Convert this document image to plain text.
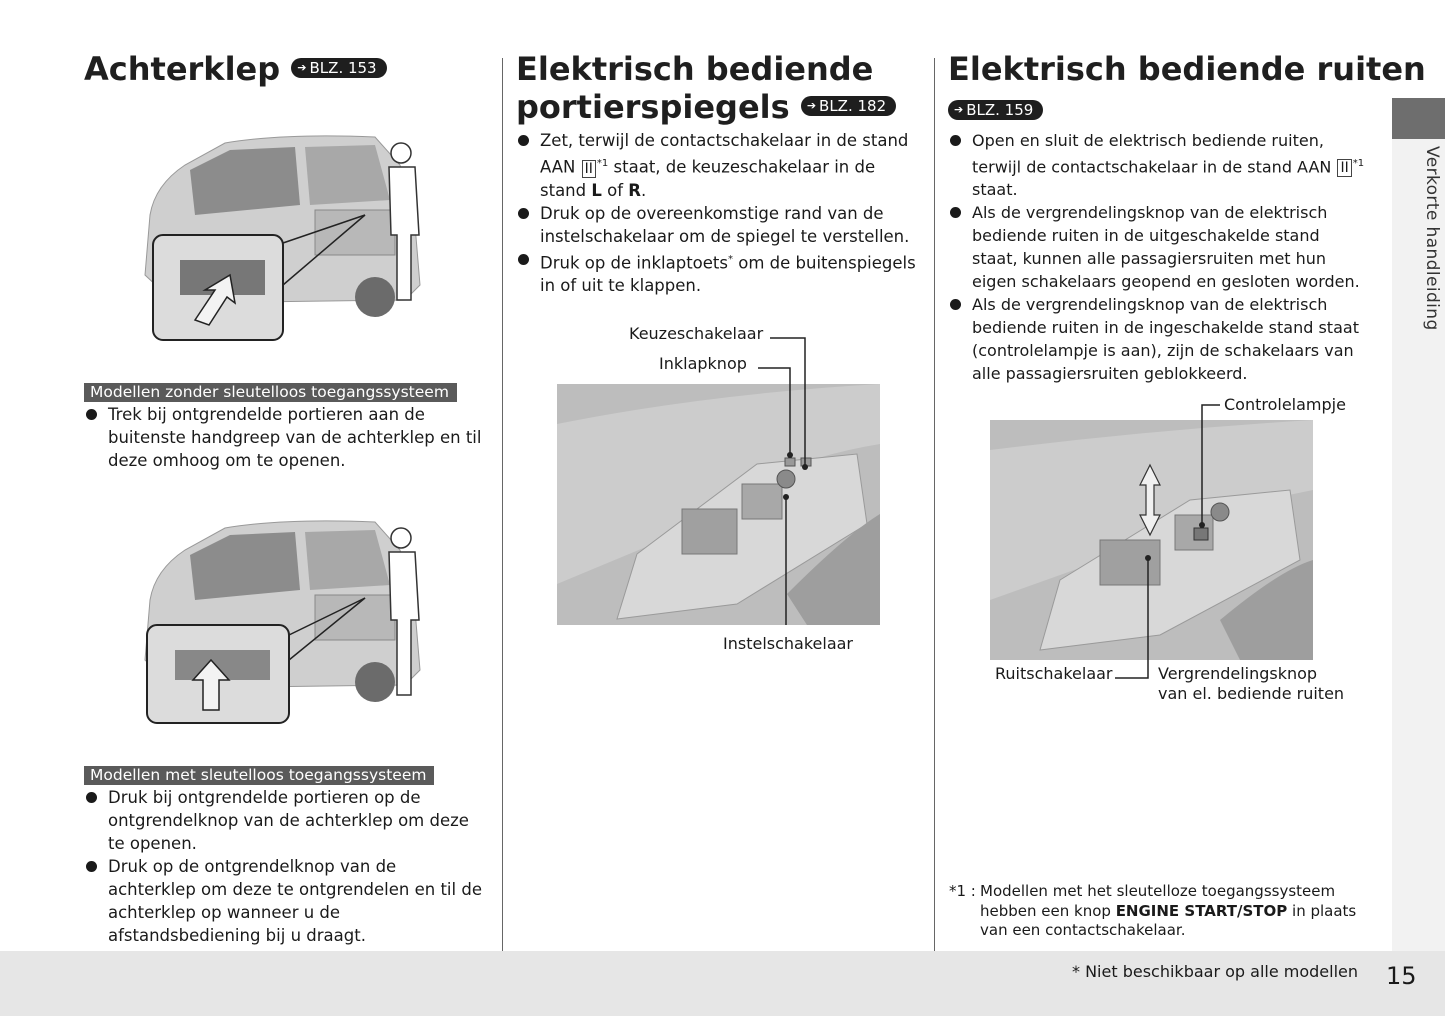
Verkorte handleiding
Achterklep ➔ BLZ. 153
Modellen zonder sleutelloos toegangssysteem
Trek bij ontgrendelde portieren aan de buitenste handgreep van de achterklep en til deze omhoog om te openen.
Modellen met sleutelloos toegangssysteem
Druk bij ontgrendelde portieren op de ontgrendelknop van de achterklep om deze te openen.
Druk op de ontgrendelknop van de achterklep om deze te ontgrendelen en til de achterklep op wanneer u de afstandsbediening bij u draagt.
Elektrisch bediende
portierspiegels ➔ BLZ. 182
Zet, terwijl de contactschakelaar in de stand AAN II $^{*1}$ staat, de keuzeschakelaar in de stand L of R.
Druk op de overeenkomstige rand van de instelschakelaar om de spiegel te verstellen.
Druk op de inklaptoets* om de buitenspiegels in of uit te klappen.
Keuzeschakelaar
Inklapknop
Instelschakelaar
Elektrisch bediende ruiten
➔ BLZ. 159
Open en sluit de elektrisch bediende ruiten, terwijl de contactschakelaar in de stand AAN II $^{*1}$ staat.
Als de vergrendelingsknop van de elektrisch bediende ruiten in de uitgeschakelde stand staat, kunnen alle passagiersruiten met hun eigen schakelaars geopend en gesloten worden.
Als de vergrendelingsknop van de elektrisch bediende ruiten in de ingeschakelde stand staat (controlelampje is aan), zijn de schakelaars van alle passagiersruiten geblokkeerd.
Controlelampje
Ruitschakelaar	Vergrendelingsknop
van el. bediende ruiten
*1 : Modellen met het sleutelloze toegangssysteem hebben een knop ENGINE START/STOP in plaats van een contactschakelaar.
* Niet beschikbaar op alle modellen 15
